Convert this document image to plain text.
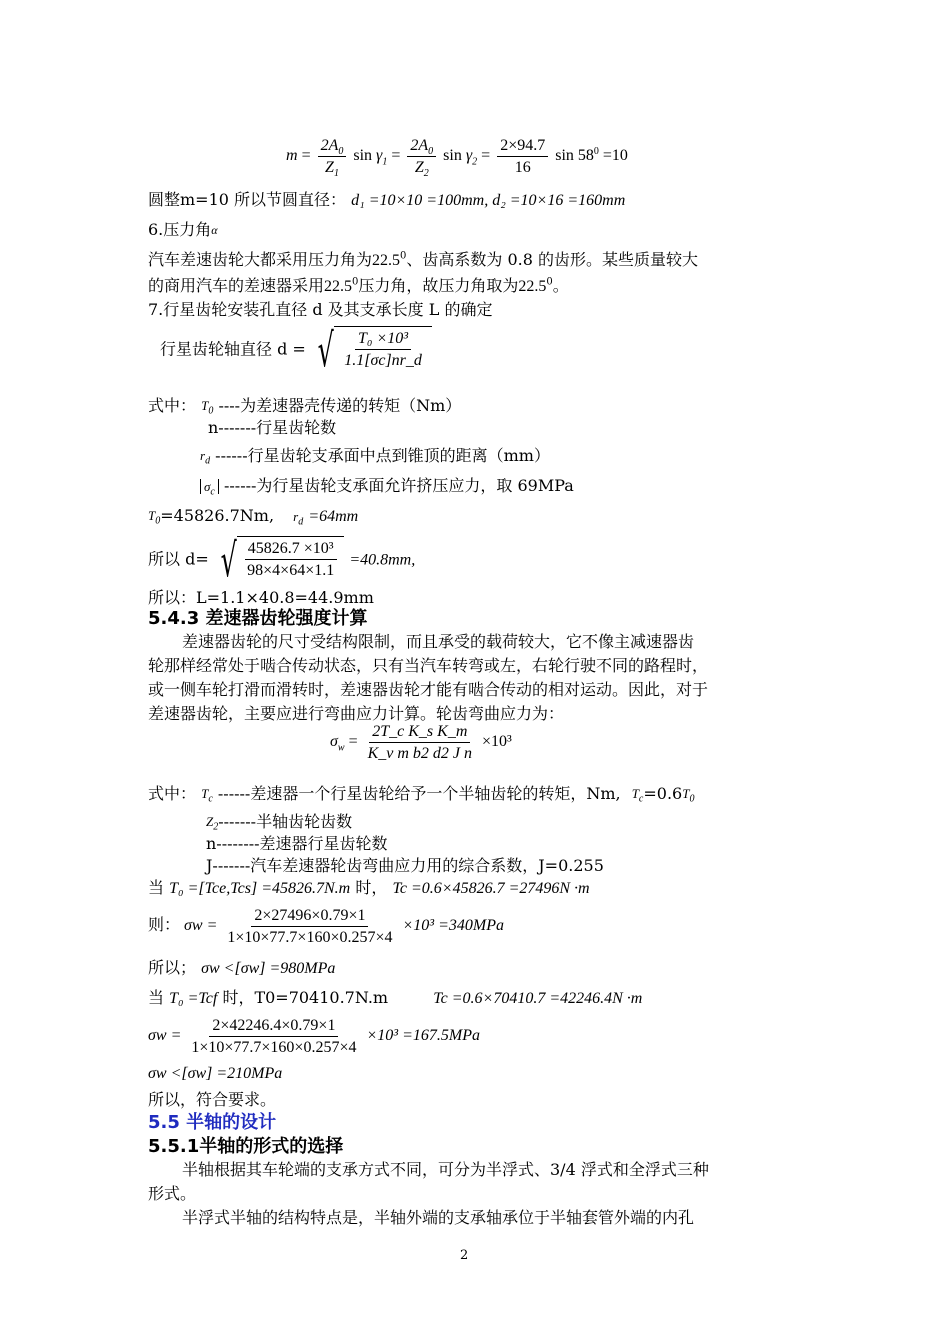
$m = \frac{2A_0}{Z_1}$ $\sin \gamma_1 = \frac{2A_0}{Z_2}$ $\sin \gamma_2 = \frac{2\times 94.7}{16}$ $\sin 58^0 =10$
圆整m=10 所以节圆直径： d₁ =10×10 =100mm, d₂ =10×16 =160mm
6.压力角$^\alpha$
汽车差速齿轮大都采用压力角为22.5$^0$、齿高系数为 0.8 的齿形。某些质量较大
的商用汽车的差速器采用22.5$^0$压力角，故压力角取为22.5$^0$。
7.行星齿轮安装孔直径 d 及其支承长度 L 的确定
行星齿轮轴直径 d = √ $\frac{\text{T₀ ×10³}}{1.1[\sigma c]nr\_d}$
式中： $^{T_0}$ ----为差速器壳传递的转矩（Nm）
n-------行星齿轮数
$^{r_d}$ ------行星齿轮支承面中点到锥顶的距离（mm）
$\sigma_c$ ------为行星齿轮支承面允许挤压应力，取 69MPa
$^{T_0}$=45826.7Nm, $r_d =64mm$
所以 d= √ $\frac{\text{45826.7 ×10³}}{98\times 4\times 64\times 1.1} =40.8mm$,
所以：L=1.1×40.8=44.9mm
5.4.3 差速器齿轮强度计算
差速器齿轮的尺寸受结构限制，而且承受的载荷较大，它不像主减速器齿
轮那样经常处于啮合传动状态，只有当汽车转弯或左，右轮行驶不同的路程时，
或一侧车轮打滑而滑转时，差速器齿轮才能有啮合传动的相对运动。因此，对于
差速器齿轮，主要应进行弯曲应力计算。轮齿弯曲应力为：
$\sigma_w = \frac{\text{2T\_c K\_s K\_m}}{\text{K\_v m b2 d2 J n}} \times 10^3$
式中： $^{T_c}$ ------差速器一个行星齿轮给予一个半轴齿轮的转矩，Nm, $^{T_c}=0.6^{T_0}$
$^{Z_2}$-------半轴齿轮齿数
n--------差速器行星齿轮数
J-------汽车差速器轮齿弯曲应力用的综合系数，J=0.255
当 T₀ =[Tce,Tcs] =45826.7N.m 时， Tc =0.6×45826.7 =27496N ·m
则： $\sigma w = \frac{2\times 27496\times 0.79\times 1}{1\times 10\times 77.7\times 160\times 0.257\times 4} \times 10^3 =340MPa$
所以； σw <[σw] =980MPa
当 T₀ =Tcf 时，T0=70410.7N.m	Tc =0.6×70410.7 =42246.4N ·m
$\sigma w = \frac{2\times 42246.4\times 0.79\times 1}{1\times 10\times 77.7\times 160\times 0.257\times 4} \times 10^3 =167.5MPa$
σw <[σw] =210MPa
所以，符合要求。
5.5 半轴的设计
5.5.1半轴的形式的选择
半轴根据其车轮端的支承方式不同，可分为半浮式、3/4 浮式和全浮式三种
形式。
半浮式半轴的结构特点是，半轴外端的支承轴承位于半轴套管外端的内孔
2
